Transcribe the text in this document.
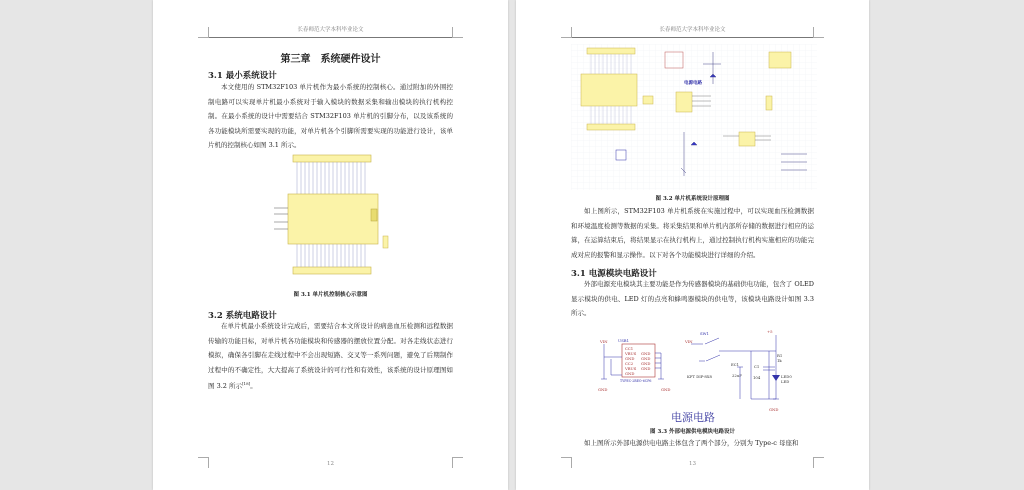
长春师范大学本科毕业论文
第三章　系统硬件设计
3.1 最小系统设计

本文使用的 STM32F103 单片机作为最小系统的控制核心。通过附加的外围控制电路可以实现单片机最小系统对于输入模块的数据采集和输出模块的执行机构控制。在最小系统的设计中需要结合 STM32F103 单片机的引脚分布，以及该系统的各功能模块所需要实现的功能，对单片机各个引脚所需要实现的功能进行设计，该单片机的控制核心如图 3.1 所示。

图 3.1 单片机控制核心示意图
3.2 系统电路设计

在单片机最小系统设计完成后，需要结合本文所设计的病患血压检测和远程数据传输的功能目标，对单片机各功能模块和传感器的摆放位置分配。对各走线状态进行模拟，确保各引脚在走线过程中不会出现短路、交叉等一系列问题，避免了后期制作过程中的不确定性，大大提高了系统设计的可行性和有效性，该系统的设计原理图如图 3.2 所示[18]。

12
长春师范大学本科毕业论文
电源电路
图 3.2 单片机系统设计原理图

如上图所示，STM32F103 单片机系统在实施过程中，可以实现血压检测数据和环境温度检测等数据的采集。将采集结果和单片机内部所存储的数据进行相应的运算，在运算结束后，将结果显示在执行机构上，通过控制执行机构实施相应的功能完成对应的报警和显示操作。以下对各个功能模块进行详细的介绍。

3.1 电源模块电路设计

外部电源充电模块其主要功能是作为传感器模块的基础供电功能，包含了 OLED 显示模块的供电、LED 灯的点亮和蜂鸣器模块的供电等，该模块电路设计如图 3.3 所示。

VIN	USB1
CC1
VBUS
GND
CC2
VBUS
GND
GND
GND
GND
GND
TYPEC-2BEO-6CP6
GND	GND
VIN
SW1
KFT DIP-8X8
EC1
22uF
C1
104
R1
1k
LED0
LED
+5
GND
电源电路
图 3.3 外部电源供电模块电路设计

如上图所示外部电源供电电路主体包含了两个部分，分别为 Type-c 母座和

13
